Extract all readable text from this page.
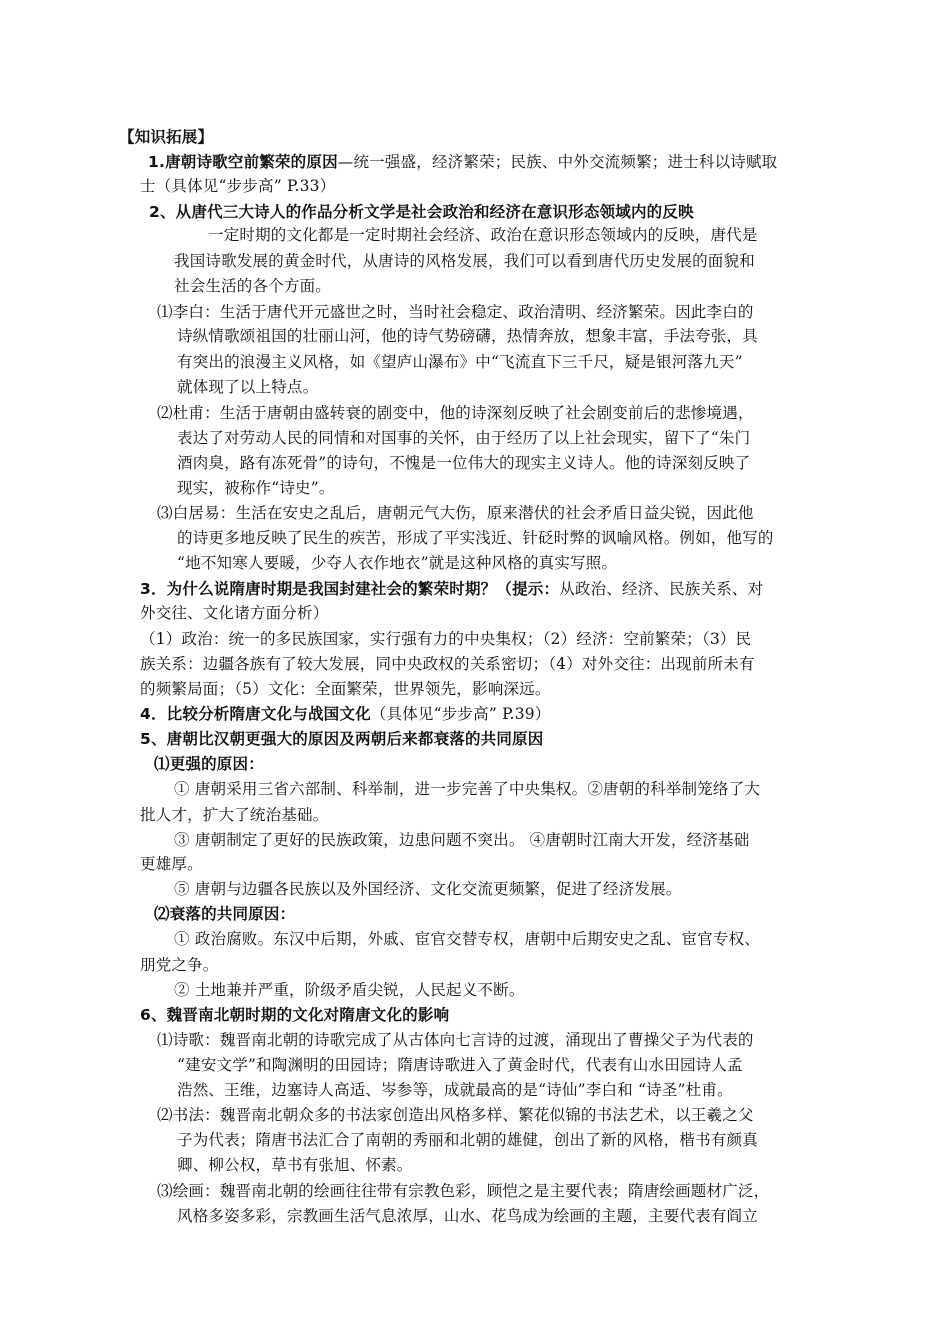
【知识拓展】
1.唐朝诗歌空前繁荣的原因—统一强盛，经济繁荣；民族、中外交流频繁；进士科以诗赋取
士（具体见“步步高” P.33）
2、从唐代三大诗人的作品分析文学是社会政治和经济在意识形态领域内的反映
一定时期的文化都是一定时期社会经济、政治在意识形态领域内的反映，唐代是
我国诗歌发展的黄金时代，从唐诗的风格发展，我们可以看到唐代历史发展的面貌和
社会生活的各个方面。
⑴李白：生活于唐代开元盛世之时，当时社会稳定、政治清明、经济繁荣。因此李白的
诗纵情歌颂祖国的壮丽山河，他的诗气势磅礴，热情奔放，想象丰富，手法夸张，具
有突出的浪漫主义风格，如《望庐山瀑布》中“飞流直下三千尺，疑是银河落九天”
就体现了以上特点。
⑵杜甫：生活于唐朝由盛转衰的剧变中，他的诗深刻反映了社会剧变前后的悲惨境遇，
表达了对劳动人民的同情和对国事的关怀，由于经历了以上社会现实，留下了“朱门
酒肉臭，路有冻死骨”的诗句，不愧是一位伟大的现实主义诗人。他的诗深刻反映了
现实，被称作“诗史”。
⑶白居易：生活在安史之乱后，唐朝元气大伤，原来潜伏的社会矛盾日益尖锐，因此他
的诗更多地反映了民生的疾苦，形成了平实浅近、针砭时弊的讽喻风格。例如，他写的
“地不知寒人要暖，少夺人衣作地衣”就是这种风格的真实写照。
3．为什么说隋唐时期是我国封建社会的繁荣时期？（提示：从政治、经济、民族关系、对
外交往、文化诸方面分析）
（1）政治：统一的多民族国家，实行强有力的中央集权；（2）经济：空前繁荣；（3）民
族关系：边疆各族有了较大发展，同中央政权的关系密切；（4）对外交往：出现前所未有
的频繁局面；（5）文化：全面繁荣，世界领先，影响深远。
4．比较分析隋唐文化与战国文化（具体见“步步高” P.39）
5、唐朝比汉朝更强大的原因及两朝后来都衰落的共同原因
⑴更强的原因：
① 唐朝采用三省六部制、科举制，进一步完善了中央集权。②唐朝的科举制笼络了大
批人才，扩大了统治基础。
③ 唐朝制定了更好的民族政策，边患问题不突出。 ④唐朝时江南大开发，经济基础
更雄厚。
⑤ 唐朝与边疆各民族以及外国经济、文化交流更频繁，促进了经济发展。
⑵衰落的共同原因：
① 政治腐败。东汉中后期，外戚、宦官交替专权，唐朝中后期安史之乱、宦官专权、
朋党之争。
② 土地兼并严重，阶级矛盾尖锐，人民起义不断。
6、魏晋南北朝时期的文化对隋唐文化的影响
⑴诗歌：魏晋南北朝的诗歌完成了从古体向七言诗的过渡，涌现出了曹操父子为代表的
“建安文学”和陶渊明的田园诗；隋唐诗歌进入了黄金时代，代表有山水田园诗人孟
浩然、王维，边塞诗人高适、岑参等，成就最高的是“诗仙”李白和 “诗圣”杜甫。
⑵书法：魏晋南北朝众多的书法家创造出风格多样、繁花似锦的书法艺术，以王羲之父
子为代表；隋唐书法汇合了南朝的秀丽和北朝的雄健，创出了新的风格，楷书有颜真
卿、柳公权，草书有张旭、怀素。
⑶绘画：魏晋南北朝的绘画往往带有宗教色彩，顾恺之是主要代表；隋唐绘画题材广泛，
风格多姿多彩，宗教画生活气息浓厚，山水、花鸟成为绘画的主题，主要代表有阎立
